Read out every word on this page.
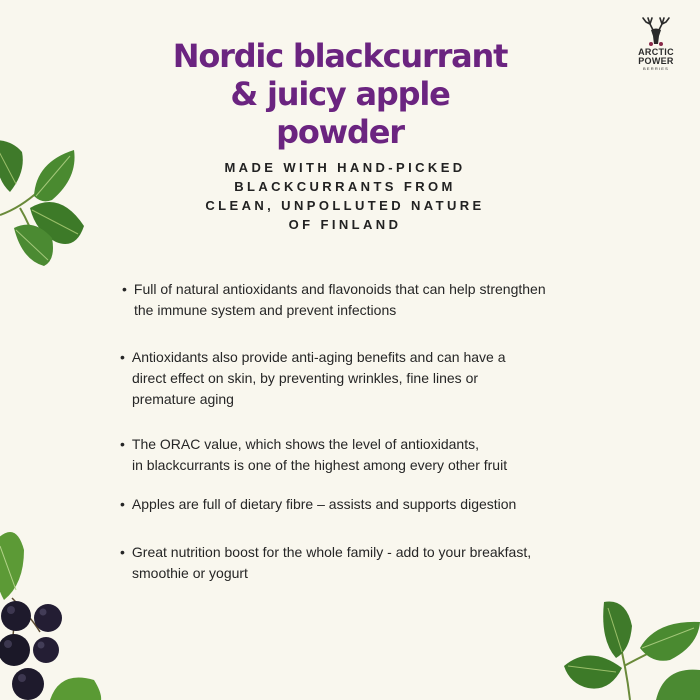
ARCTIC
POWER
BERRIES
Nordic blackcurrant
& juicy apple
powder

MADE WITH HAND-PICKED
BLACKCURRANTS FROM
CLEAN, UNPOLLUTED NATURE
OF FINLAND

• Full of natural antioxidants and flavonoids that can help strengthen
the immune system and prevent infections
• Antioxidants also provide anti-aging benefits and can have a
direct effect on skin, by preventing wrinkles, fine lines or
premature aging
• The ORAC value, which shows the level of antioxidants,
in blackcurrants is one of the highest among every other fruit
• Apples are full of dietary fibre – assists and supports digestion
• Great nutrition boost for the whole family - add to your breakfast,
smoothie or yogurt
